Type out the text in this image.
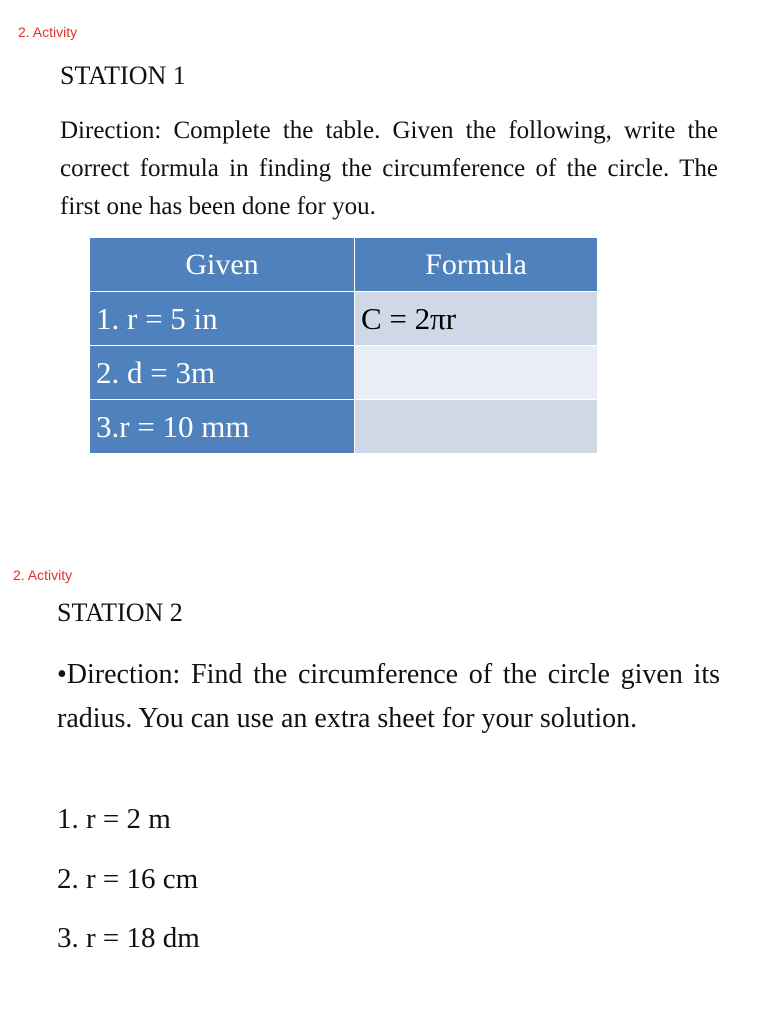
2. Activity
STATION 1
Direction: Complete the table. Given the following, write the correct formula in finding the circumference of the circle. The first one has been done for you.
Given	Formula
1. r = 5 in	C = 2πr
2. d = 3m	
3.r = 10 mm	
2. Activity
STATION 2
•Direction: Find the circumference of the circle given its radius. You can use an extra sheet for your solution.
1. r = 2 m
2. r = 16 cm
3. r = 18 dm
